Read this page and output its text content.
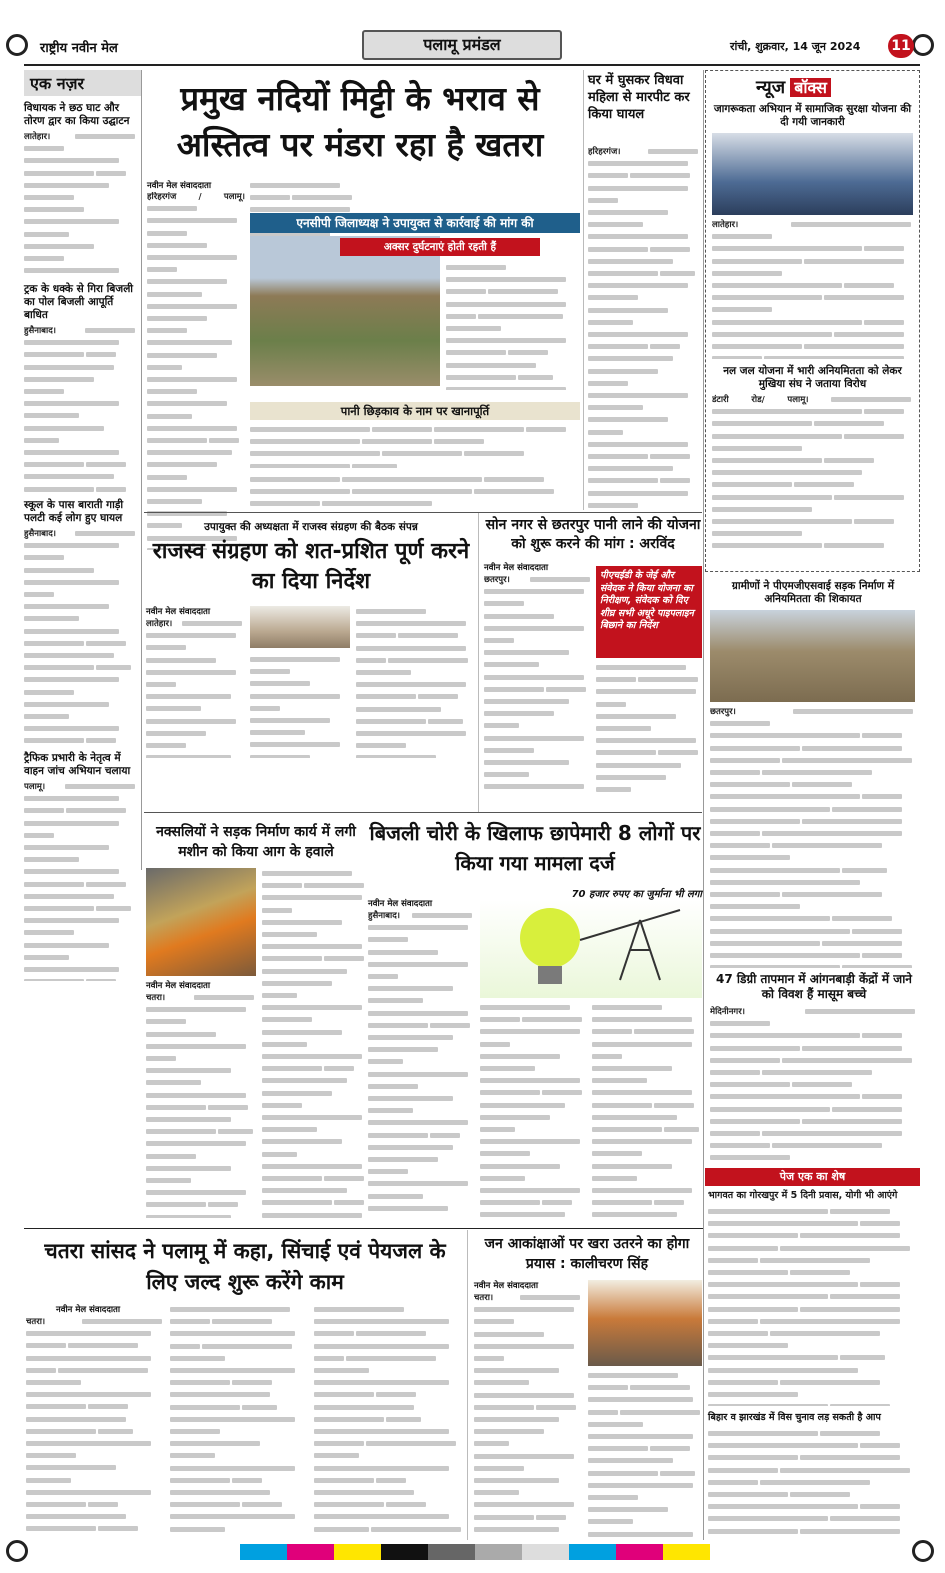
राष्ट्रीय नवीन मेल	पलामू प्रमंडल	रांची, शुक्रवार, 14 जून 2024 11
एक नज़र
विधायक ने छठ घाट और तोरण द्वार का किया उद्घाटन
लातेहार।
ट्रक के धक्के से गिरा बिजली का पोल बिजली आपूर्ति बाधित
हुसैनाबाद।
स्कूल के पास बाराती गाड़ी पलटी कई लोग हुए घायल
हुसैनाबाद।
ट्रैफिक प्रभारी के नेतृत्व में वाहन जांच अभियान चलाया
पलामू।
प्रमुख नदियों मिट्टी के भराव से अस्तित्व पर मंडरा रहा है खतरा
नवीन मेल संवाददाता
हरिहरगंज / पलामू।
एनसीपी जिलाध्यक्ष ने उपायुक्त से कार्रवाई की मांग की
अक्सर दुर्घटनाएं होती रहती हैं
पानी छिड़काव के नाम पर खानापूर्ति
घर में घुसकर विधवा महिला से मारपीट कर किया घायल
हरिहरगंज।
न्यूज बॉक्स
जागरूकता अभियान में सामाजिक सुरक्षा योजना की दी गयी जानकारी
लातेहार।
नल जल योजना में भारी अनियमितता को लेकर मुखिया संघ ने जताया विरोध
डंटारी रोड/ पलामू।
ग्रामीणों ने पीएमजीएसवाई सड़क निर्माण में अनियमितता की शिकायत
छतरपुर।
47 डिग्री तापमान में आंगनबाड़ी केंद्रों में जाने को विवश हैं मासूम बच्चे
मेदिनीनगर।
पेज एक का शेष
भागवत का गोरखपुर में 5 दिनी प्रवास, योगी भी आएंगे
बिहार व झारखंड में विस चुनाव लड़ सकती है आप
उपायुक्त की अध्यक्षता में राजस्व संग्रहण की बैठक संपन्न
राजस्व संग्रहण को शत-प्रशित पूर्ण करने का दिया निर्देश
नवीन मेल संवाददाता
लातेहार।
सोन नगर से छतरपुर पानी लाने की योजना को शुरू करने की मांग : अरविंद
नवीन मेल संवाददाता
छतरपुर।	पीएचईडी के जेई और संवेदक ने किया योजना का निरीक्षण, संवेदक को दिए शीघ्र सभी अधूरे पाइपलाइन बिछाने का निर्देश
नक्सलियों ने सड़क निर्माण कार्य में लगी मशीन को किया आग के हवाले
नवीन मेल संवाददाता
चतरा।
बिजली चोरी के खिलाफ छापेमारी 8 लोगों पर किया गया मामला दर्ज
70 हजार रुपए का जुर्माना भी लगा
नवीन मेल संवाददाता
हुसैनाबाद।
चतरा सांसद ने पलामू में कहा, सिंचाई एवं पेयजल के लिए जल्द शुरू करेंगे काम
नवीन मेल संवाददाता
चतरा।
जन आकांक्षाओं पर खरा उतरने का होगा प्रयास : कालीचरण सिंह
नवीन मेल संवाददाता
चतरा।
